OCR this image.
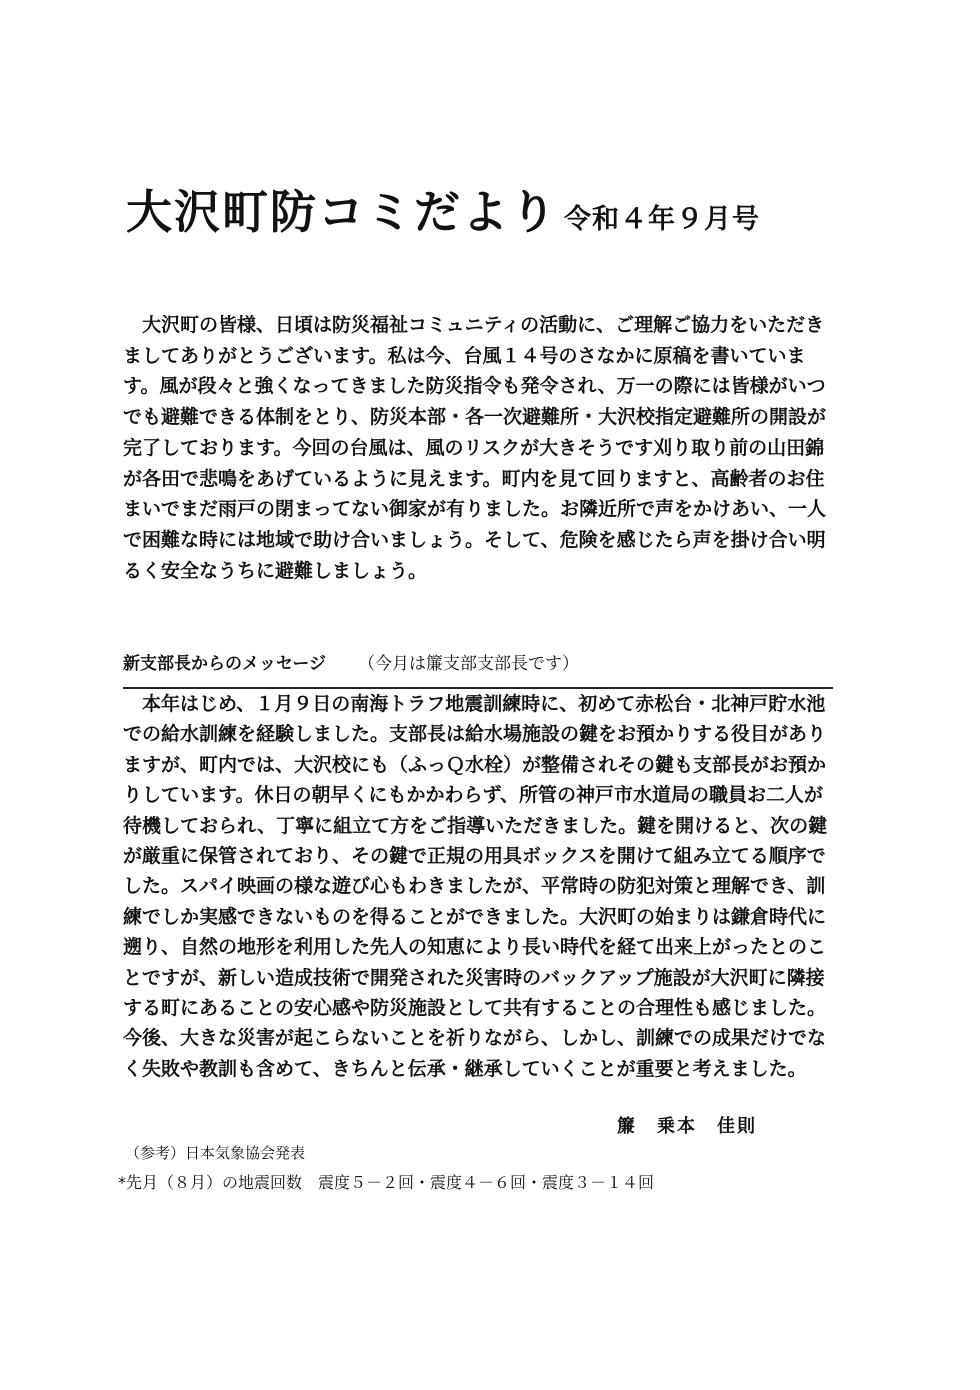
大沢町防コミだより 令和４年９月号

大沢町の皆様、日頃は防災福祉コミュニティの活動に、ご理解ご協力をいただきましてありがとうございます。私は今、台風１４号のさなかに原稿を書いています。風が段々と強くなってきました防災指令も発令され、万一の際には皆様がいつでも避難できる体制をとり、防災本部・各一次避難所・大沢校指定避難所の開設が完了しております。今回の台風は、風のリスクが大きそうです刈り取り前の山田錦が各田で悲鳴をあげているように見えます。町内を見て回りますと、高齢者のお住まいでまだ雨戸の閉まってない御家が有りました。お隣近所で声をかけあい、一人で困難な時には地域で助け合いましょう。そして、危険を感じたら声を掛け合い明るく安全なうちに避難しましょう。

新支部長からのメッセージ （今月は簾支部支部長です）

本年はじめ、１月９日の南海トラフ地震訓練時に、初めて赤松台・北神戸貯水池での給水訓練を経験しました。支部長は給水場施設の鍵をお預かりする役目がありますが、町内では、大沢校にも（ふっＱ水栓）が整備されその鍵も支部長がお預かりしています。休日の朝早くにもかかわらず、所管の神戸市水道局の職員お二人が待機しておられ、丁寧に組立て方をご指導いただきました。鍵を開けると、次の鍵が厳重に保管されており、その鍵で正規の用具ボックスを開けて組み立てる順序でした。スパイ映画の様な遊び心もわきましたが、平常時の防犯対策と理解でき、訓練でしか実感できないものを得ることができました。大沢町の始まりは鎌倉時代に遡り、自然の地形を利用した先人の知恵により長い時代を経て出来上がったとのことですが、新しい造成技術で開発された災害時のバックアップ施設が大沢町に隣接する町にあることの安心感や防災施設として共有することの合理性も感じました。今後、大きな災害が起こらないことを祈りながら、しかし、訓練での成果だけでなく失敗や教訓も含めて、きちんと伝承・継承していくことが重要と考えました。

簾　乗本　佳則
（参考）日本気象協会発表
*先月（８月）の地震回数　震度５－２回・震度４－６回・震度３－１４回
